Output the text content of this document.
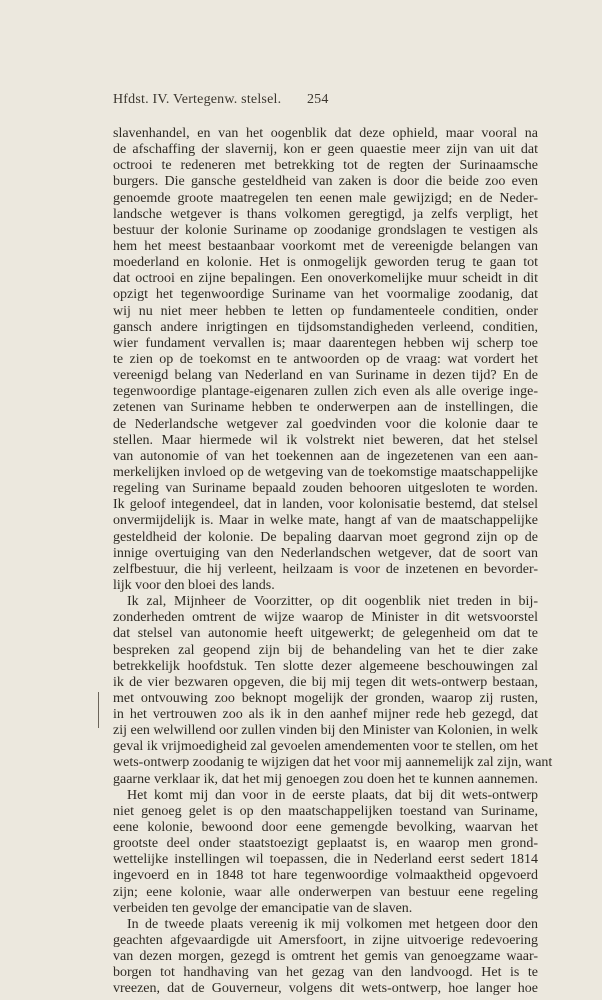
Hfdst. IV. Vertegenw. stelsel. 254
slavenhandel, en van het oogenblik dat deze ophield, maar vooral na
de afschaffing der slavernij, kon er geen quaestie meer zijn van uit dat
octrooi te redeneren met betrekking tot de regten der Surinaamsche
burgers. Die gansche gesteldheid van zaken is door die beide zoo even
genoemde groote maatregelen ten eenen male gewijzigd; en de Neder-
landsche wetgever is thans volkomen geregtigd, ja zelfs verpligt, het
bestuur der kolonie Suriname op zoodanige grondslagen te vestigen als
hem het meest bestaanbaar voorkomt met de vereenigde belangen van
moederland en kolonie. Het is onmogelijk geworden terug te gaan tot
dat octrooi en zijne bepalingen. Een onoverkomelijke muur scheidt in dit
opzigt het tegenwoordige Suriname van het voormalige zoodanig, dat
wij nu niet meer hebben te letten op fundamenteele conditien, onder
gansch andere inrigtingen en tijdsomstandigheden verleend, conditien,
wier fundament vervallen is; maar daarentegen hebben wij scherp toe
te zien op de toekomst en te antwoorden op de vraag: wat vordert het
vereenigd belang van Nederland en van Suriname in dezen tijd? En de
tegenwoordige plantage-eigenaren zullen zich even als alle overige inge-
zetenen van Suriname hebben te onderwerpen aan de instellingen, die
de Nederlandsche wetgever zal goedvinden voor die kolonie daar te
stellen. Maar hiermede wil ik volstrekt niet beweren, dat het stelsel
van autonomie of van het toekennen aan de ingezetenen van een aan-
merkelijken invloed op de wetgeving van de toekomstige maatschappelijke
regeling van Suriname bepaald zouden behooren uitgesloten te worden.
Ik geloof integendeel, dat in landen, voor kolonisatie bestemd, dat stelsel
onvermijdelijk is. Maar in welke mate, hangt af van de maatschappelijke
gesteldheid der kolonie. De bepaling daarvan moet gegrond zijn op de
innige overtuiging van den Nederlandschen wetgever, dat de soort van
zelfbestuur, die hij verleent, heilzaam is voor de inzetenen en bevorder-
lijk voor den bloei des lands.
Ik zal, Mijnheer de Voorzitter, op dit oogenblik niet treden in bij-
zonderheden omtrent de wijze waarop de Minister in dit wetsvoorstel
dat stelsel van autonomie heeft uitgewerkt; de gelegenheid om dat te
bespreken zal geopend zijn bij de behandeling van het te dier zake
betrekkelijk hoofdstuk. Ten slotte dezer algemeene beschouwingen zal
ik de vier bezwaren opgeven, die bij mij tegen dit wets-ontwerp bestaan,
met ontvouwing zoo beknopt mogelijk der gronden, waarop zij rusten,
in het vertrouwen zoo als ik in den aanhef mijner rede heb gezegd, dat
zij een welwillend oor zullen vinden bij den Minister van Kolonien, in welk
geval ik vrijmoedigheid zal gevoelen amendementen voor te stellen, om het
wets-ontwerp zoodanig te wijzigen dat het voor mij aannemelijk zal zijn, want
gaarne verklaar ik, dat het mij genoegen zou doen het te kunnen aannemen.
Het komt mij dan voor in de eerste plaats, dat bij dit wets-ontwerp
niet genoeg gelet is op den maatschappelijken toestand van Suriname,
eene kolonie, bewoond door eene gemengde bevolking, waarvan het
grootste deel onder staatstoezigt geplaatst is, en waarop men grond-
wettelijke instellingen wil toepassen, die in Nederland eerst sedert 1814
ingevoerd en in 1848 tot hare tegenwoordige volmaaktheid opgevoerd
zijn; eene kolonie, waar alle onderwerpen van bestuur eene regeling
verbeiden ten gevolge der emancipatie van de slaven.
In de tweede plaats vereenig ik mij volkomen met hetgeen door den
geachten afgevaardigde uit Amersfoort, in zijne uitvoerige redevoering
van dezen morgen, gezegd is omtrent het gemis van genoegzame waar-
borgen tot handhaving van het gezag van den landvoogd. Het is te
vreezen, dat de Gouverneur, volgens dit wets-ontwerp, hoe langer hoe
